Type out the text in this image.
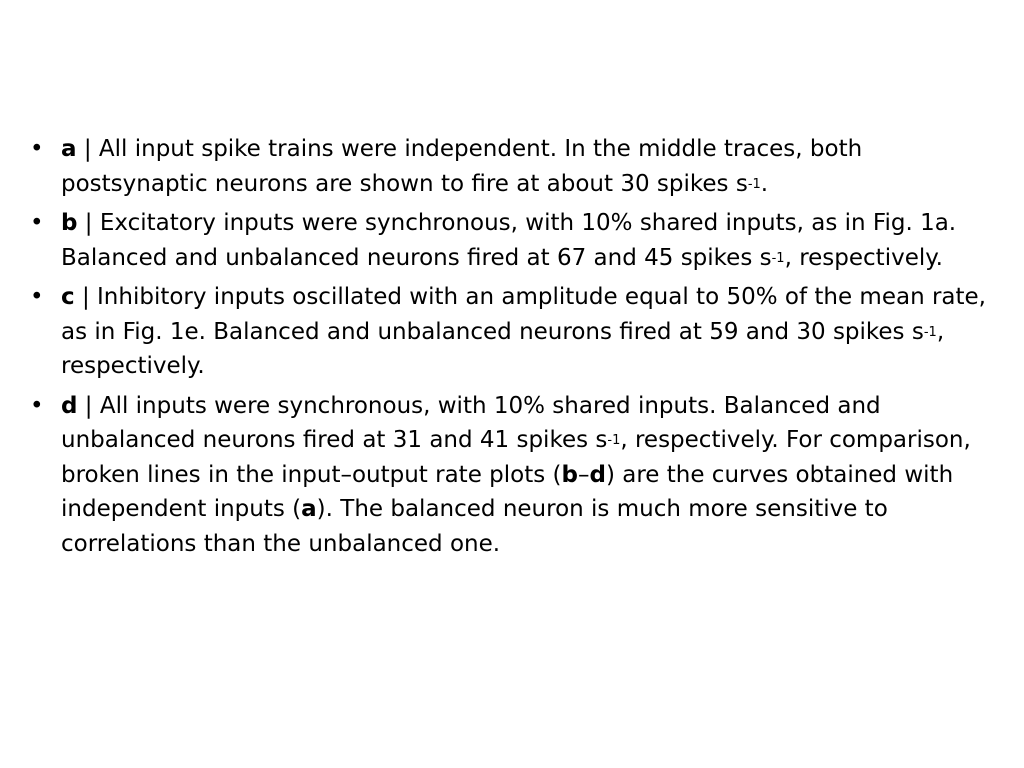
• a | All input spike trains were independent. In the middle traces, both postsynaptic neurons are shown to fire at about 30 spikes $s^{-1}$.
• b | Excitatory inputs were synchronous, with 10% shared inputs, as in Fig. 1a. Balanced and unbalanced neurons fired at 67 and 45 spikes $s^{-1}$, respectively.
• c | Inhibitory inputs oscillated with an amplitude equal to 50% of the mean rate, as in Fig. 1e. Balanced and unbalanced neurons fired at 59 and 30 spikes $s^{-1}$, respectively.
• d | All inputs were synchronous, with 10% shared inputs. Balanced and unbalanced neurons fired at 31 and 41 spikes $s^{-1}$, respectively. For comparison, broken lines in the input–output rate plots (b–d) are the curves obtained with independent inputs (a). The balanced neuron is much more sensitive to correlations than the unbalanced one.
